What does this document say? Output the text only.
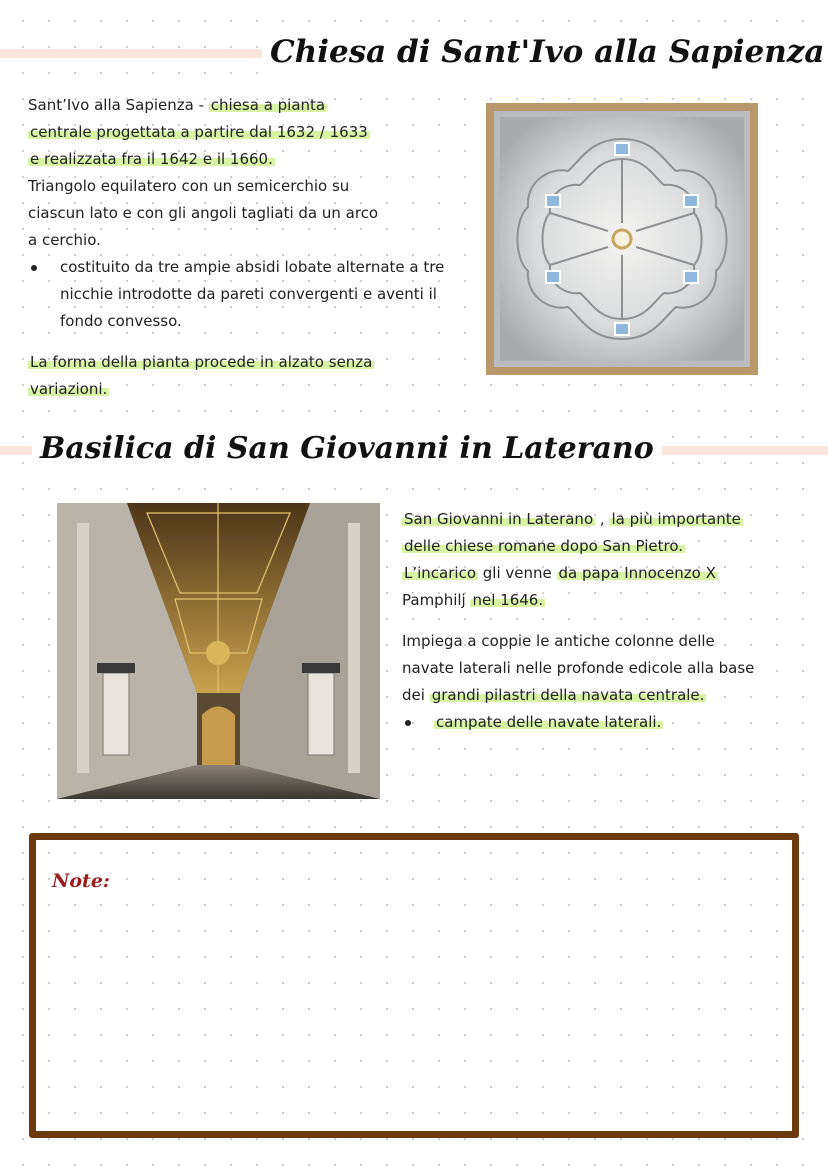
Chiesa di Sant'Ivo alla Sapienza

Sant’Ivo alla Sapienza - chiesa a pianta

centrale progettata a partire dal 1632 / 1633

e realizzata fra il 1642 e il 1660.

Triangolo equilatero con un semicerchio su

ciascun lato e con gli angoli tagliati da un arco

a cerchio.

costituito da tre ampie absidi lobate alternate a tre nicchie introdotte da pareti convergenti e aventi il fondo convesso.

La forma della pianta procede in alzato senza

variazioni.

Basilica di San Giovanni in Laterano

San Giovanni in Laterano , la più importante

delle chiese romane dopo San Pietro.

L’incarico gli venne da papa Innocenzo X

Pamphilj nel 1646.

Impiega a coppie le antiche colonne delle

navate laterali nelle profonde edicole alla base

dei grandi pilastri della navata centrale.

campate delle navate laterali.
Note:
